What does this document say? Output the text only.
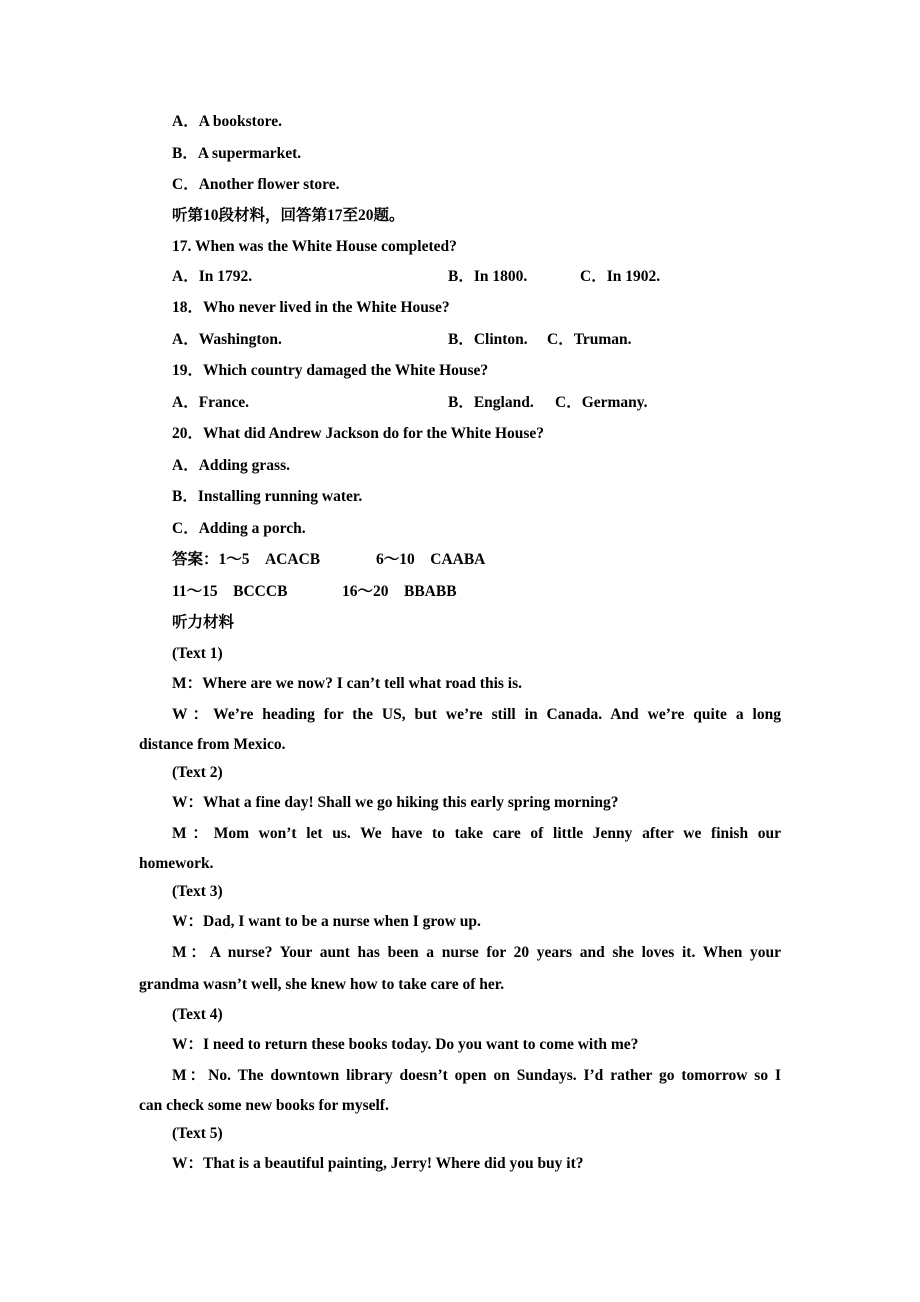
A．A bookstore.
B．A supermarket.
C．Another flower store.
听第10段材料，回答第17至20题。
17. When was the White House completed?
A．In 1792.	B．In 1800.	C．In 1902.
18．Who never lived in the White House?
A．Washington.	B．Clinton. C．Truman.
19．Which country damaged the White House?
A．France.	B．England. C．Germany.
20．What did Andrew Jackson do for the White House?
A．Adding grass.
B．Installing running water.
C．Adding a porch.
答案：1～5　ACACB	6～10　CAABA
11～15　BCCCB	16～20　BBABB
听力材料
(Text 1)
M：Where are we now? I can’t tell what road this is.
W：We’re heading for the US, but we’re still in Canada. And we’re quite a long
distance from Mexico.
(Text 2)
W：What a fine day! Shall we go hiking this early spring morning?
M：Mom won’t let us. We have to take care of little Jenny after we finish our
homework.
(Text 3)
W：Dad, I want to be a nurse when I grow up.
M：A nurse? Your aunt has been a nurse for 20 years and she loves it. When your
grandma wasn’t well, she knew how to take care of her.
(Text 4)
W：I need to return these books today. Do you want to come with me?
M：No. The downtown library doesn’t open on Sundays. I’d rather go tomorrow so I
can check some new books for myself.
(Text 5)
W：That is a beautiful painting, Jerry! Where did you buy it?
